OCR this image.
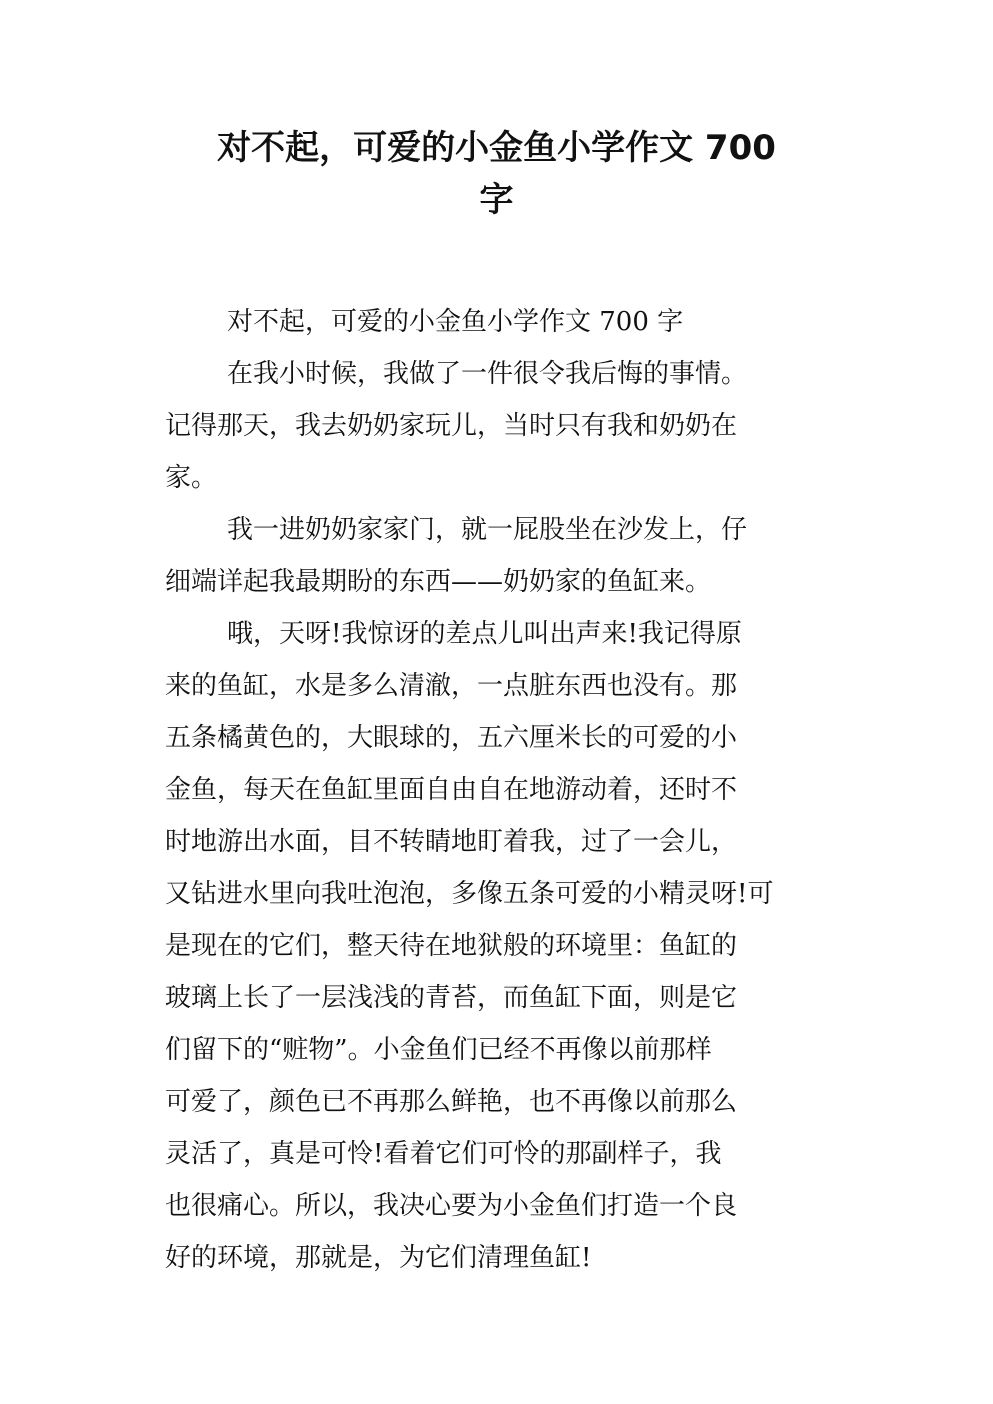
对不起，可爱的小金鱼小学作文 700
字
对不起，可爱的小金鱼小学作文 700 字
在我小时候，我做了一件很令我后悔的事情。
记得那天，我去奶奶家玩儿，当时只有我和奶奶在
家。
我一进奶奶家家门，就一屁股坐在沙发上，仔
细端详起我最期盼的东西——奶奶家的鱼缸来。
哦，天呀!我惊讶的差点儿叫出声来!我记得原
来的鱼缸，水是多么清澈，一点脏东西也没有。那
五条橘黄色的，大眼球的，五六厘米长的可爱的小
金鱼，每天在鱼缸里面自由自在地游动着，还时不
时地游出水面，目不转睛地盯着我，过了一会儿，
又钻进水里向我吐泡泡，多像五条可爱的小精灵呀!可
是现在的它们，整天待在地狱般的环境里：鱼缸的
玻璃上长了一层浅浅的青苔，而鱼缸下面，则是它
们留下的“赃物”。小金鱼们已经不再像以前那样
可爱了，颜色已不再那么鲜艳，也不再像以前那么
灵活了，真是可怜!看着它们可怜的那副样子，我
也很痛心。所以，我决心要为小金鱼们打造一个良
好的环境，那就是，为它们清理鱼缸!
